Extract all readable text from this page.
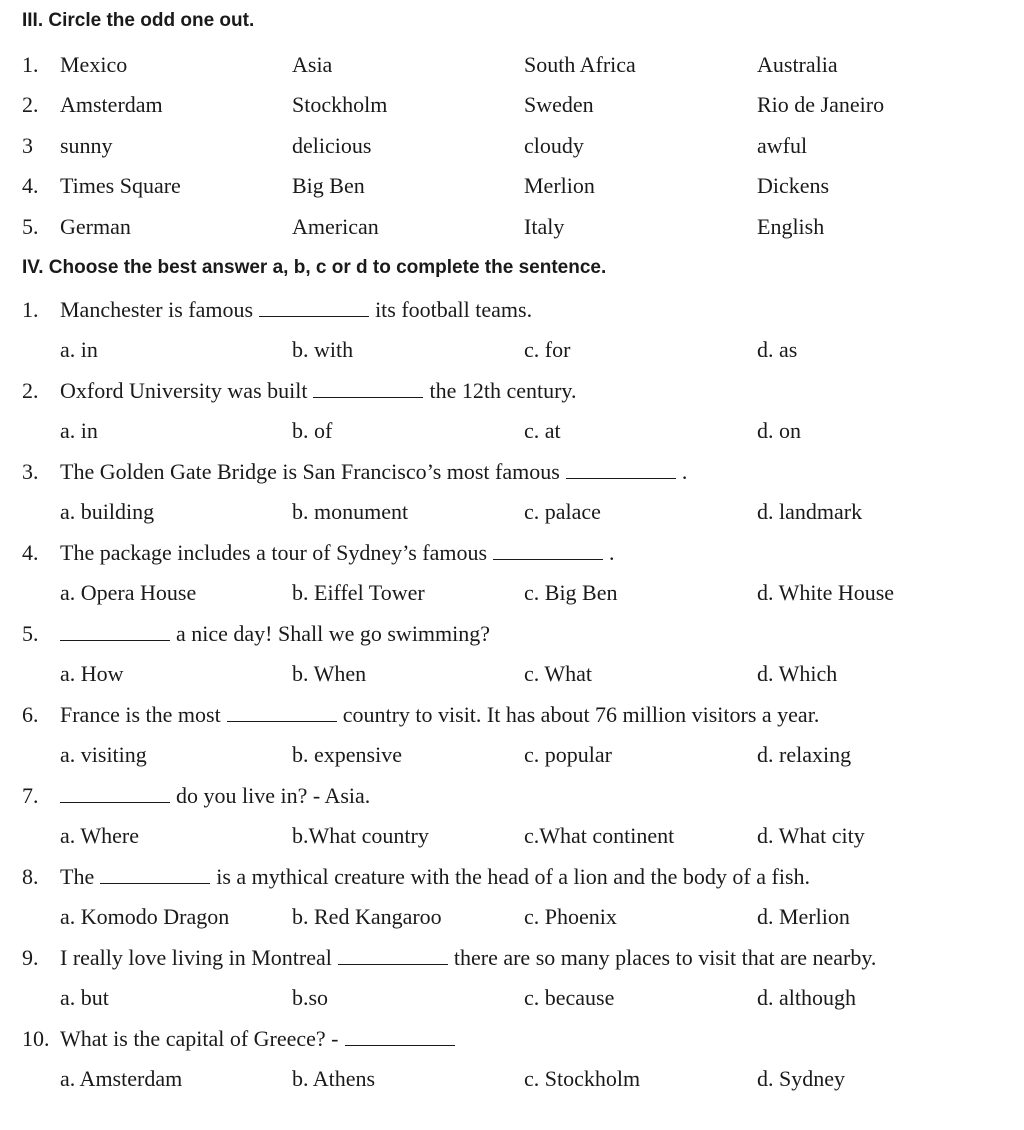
III. Circle the odd one out.
1. Mexico	Asia	South Africa	Australia
2. Amsterdam	Stockholm	Sweden	Rio de Janeiro
3 sunny	delicious	cloudy	awful
4. Times Square	Big Ben	Merlion	Dickens
5. German	American	Italy	English
IV. Choose the best answer a, b, c or d to complete the sentence.
1. Manchester is famous	its football teams.
a. in	b. with	c. for	d. as
2. Oxford University was built	the 12th century.
a. in	b. of	c. at	d. on
3. The Golden Gate Bridge is San Francisco’s most famous	.
a. building	b. monument	c. palace	d. landmark
4. The package includes a tour of Sydney’s famous	.
a. Opera House	b. Eiffel Tower	c. Big Ben	d. White House
5.	a nice day! Shall we go swimming?
a. How	b. When	c. What	d. Which
6. France is the most	country to visit. It has about 76 million visitors a year.
a. visiting	b. expensive	c. popular	d. relaxing
7.	do you live in? - Asia.
a. Where	b.What country	c.What continent	d. What city
8. The	is a mythical creature with the head of a lion and the body of a fish.
a. Komodo Dragon	b. Red Kangaroo	c. Phoenix	d. Merlion
9. I really love living in Montreal	there are so many places to visit that are nearby.
a. but	b.so	c. because	d. although
10. What is the capital of Greece? -
a. Amsterdam	b. Athens	c. Stockholm	d. Sydney
